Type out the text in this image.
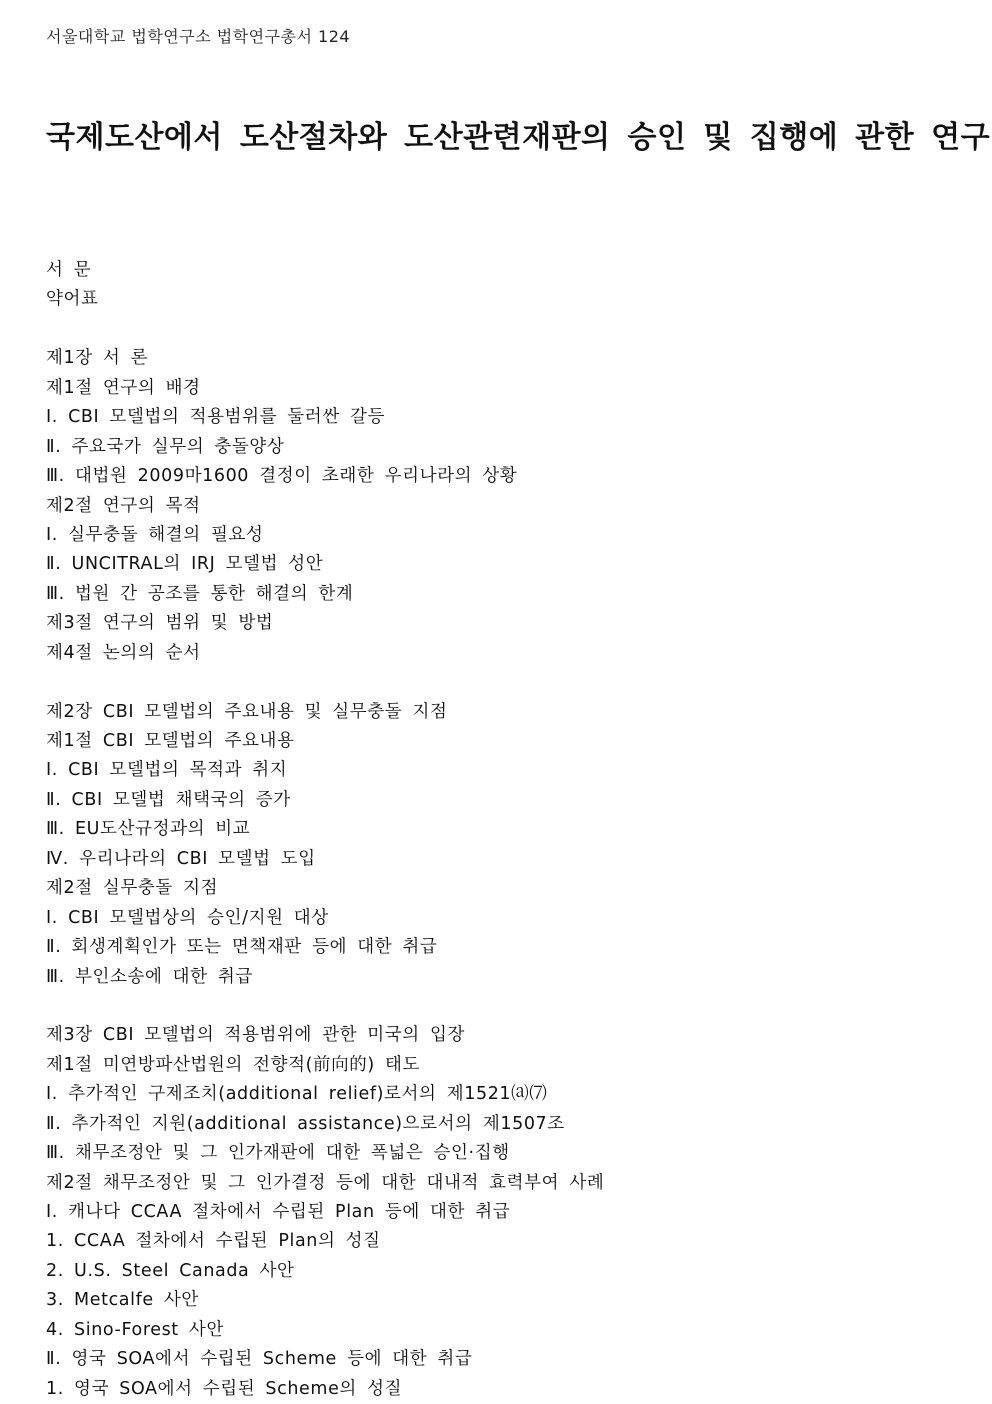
서울대학교 법학연구소 법학연구총서 124
국제도산에서 도산절차와 도산관련재판의 승인 및 집행에 관한 연구
서 문
약어표
제1장 서 론
제1절 연구의 배경
Ⅰ. CBI 모델법의 적용범위를 둘러싼 갈등
Ⅱ. 주요국가 실무의 충돌양상
Ⅲ. 대법원 2009마1600 결정이 초래한 우리나라의 상황
제2절 연구의 목적
Ⅰ. 실무충돌 해결의 필요성
Ⅱ. UNCITRAL의 IRJ 모델법 성안
Ⅲ. 법원 간 공조를 통한 해결의 한계
제3절 연구의 범위 및 방법
제4절 논의의 순서
제2장 CBI 모델법의 주요내용 및 실무충돌 지점
제1절 CBI 모델법의 주요내용
Ⅰ. CBI 모델법의 목적과 취지
Ⅱ. CBI 모델법 채택국의 증가
Ⅲ. EU도산규정과의 비교
Ⅳ. 우리나라의 CBI 모델법 도입
제2절 실무충돌 지점
Ⅰ. CBI 모델법상의 승인/지원 대상
Ⅱ. 회생계획인가 또는 면책재판 등에 대한 취급
Ⅲ. 부인소송에 대한 취급
제3장 CBI 모델법의 적용범위에 관한 미국의 입장
제1절 미연방파산법원의 전향적(前向的) 태도
Ⅰ. 추가적인 구제조치(additional relief)로서의 제1521⒜⑺
Ⅱ. 추가적인 지원(additional assistance)으로서의 제1507조
Ⅲ. 채무조정안 및 그 인가재판에 대한 폭넓은 승인·집행
제2절 채무조정안 및 그 인가결정 등에 대한 대내적 효력부여 사례
Ⅰ. 캐나다 CCAA 절차에서 수립된 Plan 등에 대한 취급
1. CCAA 절차에서 수립된 Plan의 성질
2. U.S. Steel Canada 사안
3. Metcalfe 사안
4. Sino-Forest 사안
Ⅱ. 영국 SOA에서 수립된 Scheme 등에 대한 취급
1. 영국 SOA에서 수립된 Scheme의 성질
